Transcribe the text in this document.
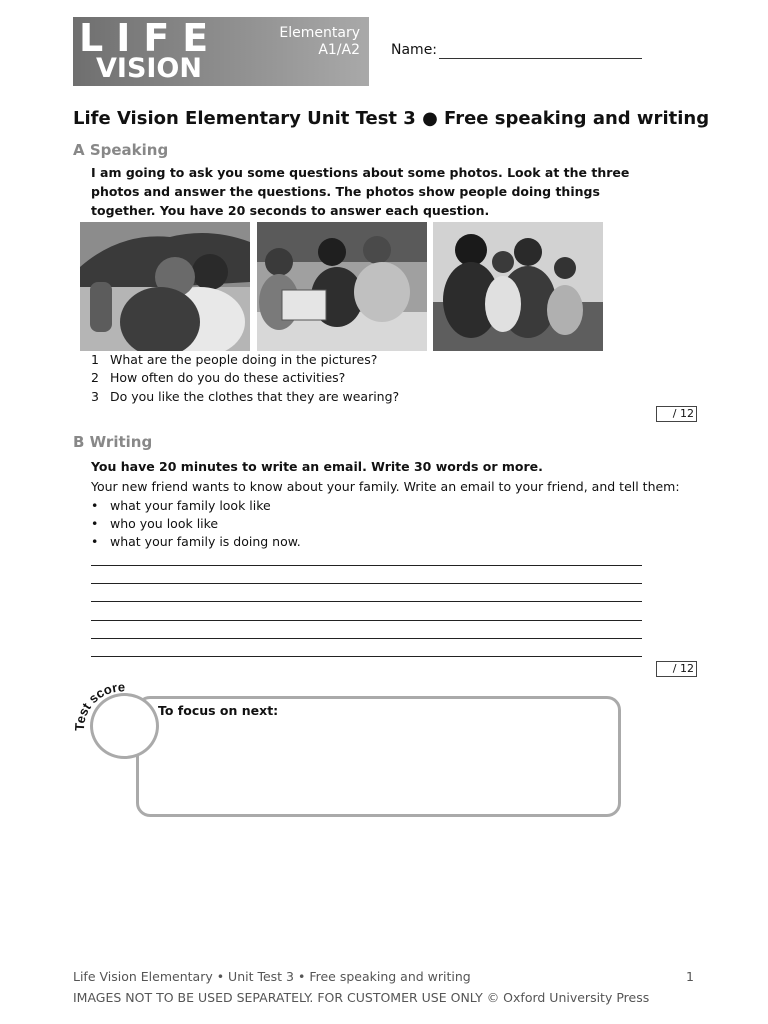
LIFE
VISION
Elementary
A1/A2 Name:
Life Vision Elementary Unit Test 3 ● Free speaking and writing
A Speaking
I am going to ask you some questions about some photos. Look at the three photos and answer the questions. The photos show people doing things together. You have 20 seconds to answer each question.
1 What are the people doing in the pictures?
2 How often do you do these activities?
3 Do you like the clothes that they are wearing?
/ 12
B Writing
You have 20 minutes to write an email. Write 30 words or more.
Your new friend wants to know about your family. Write an email to your friend, and tell them:
• what your family look like
• who you look like
• what your family is doing now.
/ 12
To focus on next:
Test score
Life Vision Elementary • Unit Test 3 • Free speaking and writing	1
IMAGES NOT TO BE USED SEPARATELY. FOR CUSTOMER USE ONLY © Oxford University Press
